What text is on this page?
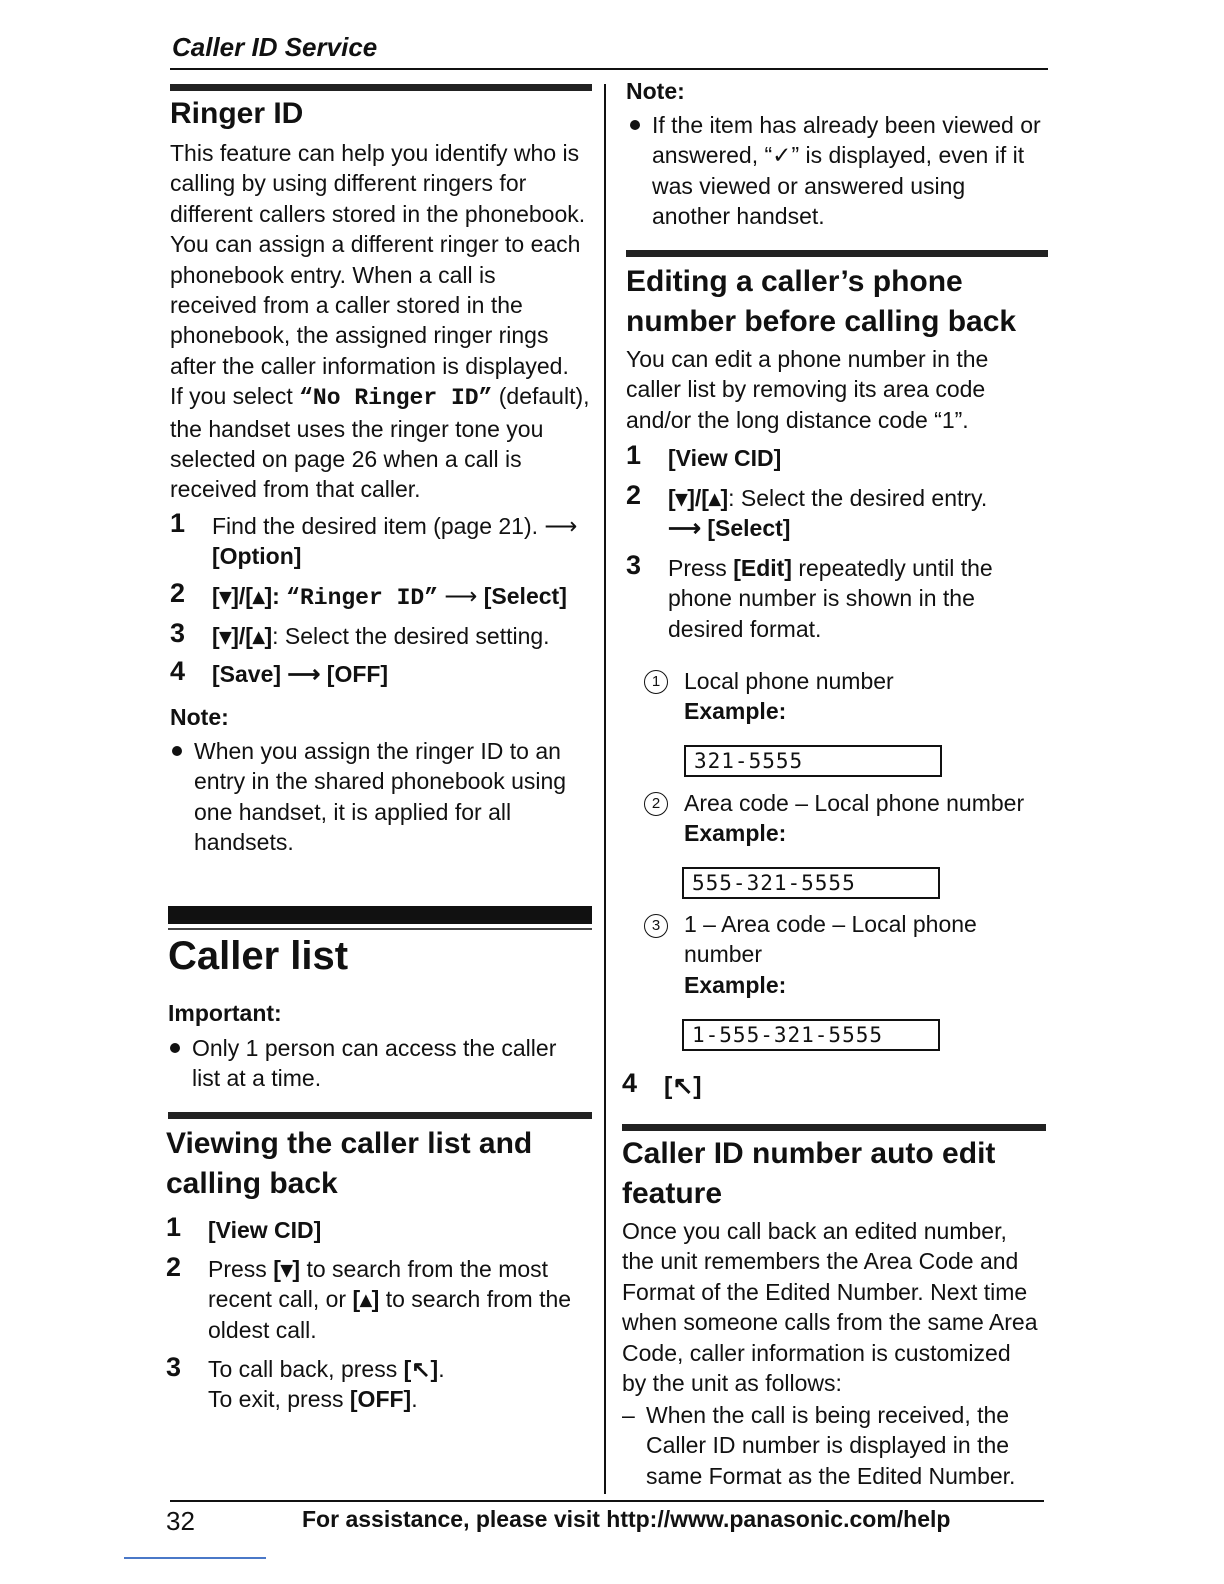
Caller ID Service
Ringer ID
This feature can help you identify who is
calling by using different ringers for
different callers stored in the phonebook.
You can assign a different ringer to each
phonebook entry. When a call is
received from a caller stored in the
phonebook, the assigned ringer rings
after the caller information is displayed.
If you select “No Ringer ID” (default),
the handset uses the ringer tone you
selected on page 26 when a call is
received from that caller.
1 Find the desired item (page 21). ⟶
[Option]
2 [▾]/[▴]: “Ringer ID” ⟶ [Select]
3 [▾]/[▴]: Select the desired setting.
4 [Save] ⟶ [OFF]
Note:
When you assign the ringer ID to an
entry in the shared phonebook using
one handset, it is applied for all
handsets.
Caller list
Important:
Only 1 person can access the caller
list at a time.
Viewing the caller list and
calling back
1 [View CID]
2 Press [▾] to search from the most
recent call, or [▴] to search from the
oldest call.
3 To call back, press [↖].
To exit, press [OFF].
Note:
If the item has already been viewed or
answered, “✓” is displayed, even if it
was viewed or answered using
another handset.
Editing a caller’s phone
number before calling back
You can edit a phone number in the
caller list by removing its area code
and/or the long distance code “1”.
1 [View CID]
2 [▾]/[▴]: Select the desired entry.
⟶ [Select]
3 Press [Edit] repeatedly until the
phone number is shown in the
desired format.
1	Local phone number
Example:
321-5555
2	Area code – Local phone number
Example:
555-321-5555
3	1 – Area code – Local phone
number
Example:
1-555-321-5555
4 [↖]
Caller ID number auto edit
feature
Once you call back an edited number,
the unit remembers the Area Code and
Format of the Edited Number. Next time
when someone calls from the same Area
Code, caller information is customized
by the unit as follows:
– When the call is being received, the
Caller ID number is displayed in the
same Format as the Edited Number.
32	For assistance, please visit http://www.panasonic.com/help
